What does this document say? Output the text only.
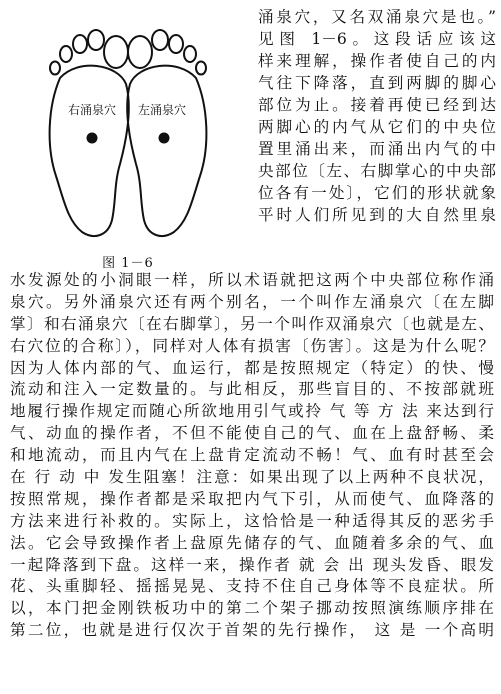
右涌泉穴 左涌泉穴
图 1－6
涌泉穴，又名双涌泉穴是也。”
见图 1－6。这段话应该这
样来理解，操作者使自己的内
气往下降落，直到两脚的脚心
部位为止。接着再使已经到达
两脚心的内气从它们的中央位
置里涌出来，而涌出内气的中
央部位〔左、右脚掌心的中央部
位各有一处〕，它们的形状就象
平时人们所见到的大自然里泉
水发源处的小洞眼一样，所以术语就把这两个中央部位称作涌
泉穴。另外涌泉穴还有两个别名，一个叫作左涌泉穴〔在左脚
掌〕和右涌泉穴〔在右脚掌〕，另一个叫作双涌泉穴〔也就是左、
右穴位的合称〕），同样对人体有损害〔伤害〕。这是为什么呢？
因为人体内部的气、血运行，都是按照规定（特定）的快、慢
流动和注入一定数量的。与此相反，那些盲目的、不按部就班
地履行操作规定而随心所欲地用引气或拎 气 等 方 法 来达到行
气、动血的操作者，不但不能使自己的气、血在上盘舒畅、柔
和地流动，而且内气在上盘肯定流动不畅！气、血有时甚至会
在 行 动 中 发生阻塞！注意：如果出现了以上两种不良状况，
按照常规，操作者都是采取把内气下引，从而使气、血降落的
方法来进行补救的。实际上，这恰恰是一种适得其反的恶劣手
法。它会导致操作者上盘原先储存的气、血随着多余的气、血
一起降落到下盘。这样一来，操作者 就 会 出 现头发昏、眼发
花、头重脚轻、摇摇晃晃、支持不住自己身体等不良症状。所
以，本门把金刚铁板功中的第二个架子挪动按照演练顺序排在
第二位，也就是进行仅次于首架的先行操作， 这 是 一个高明
